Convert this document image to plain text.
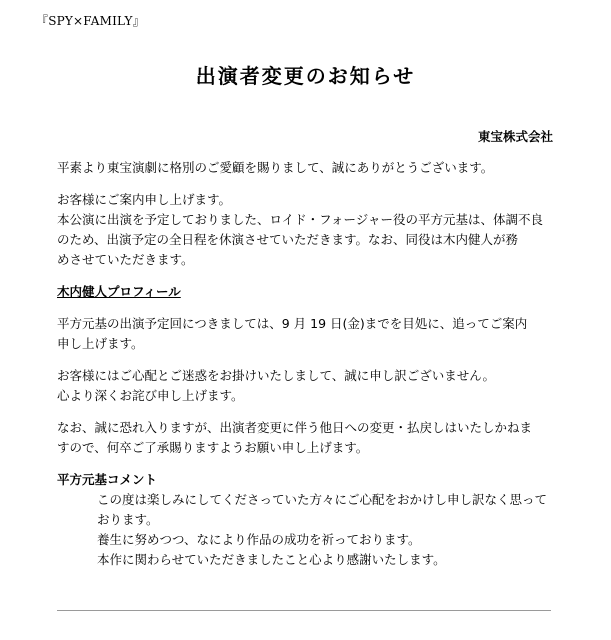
『SPY×FAMILY』
出演者変更のお知らせ
東宝株式会社

平素より東宝演劇に格別のご愛顧を賜りまして、誠にありがとうございます。

お客様にご案内申し上げます。
本公演に出演を予定しておりました、ロイド・フォージャー役の平方元基は、体調不良
のため、出演予定の全日程を休演させていただきます。なお、同役は木内健人が務
めさせていただきます。

木内健人プロフィール

平方元基の出演予定回につきましては、9 月 19 日(金)までを目処に、追ってご案内
申し上げます。

お客様にはご心配とご迷惑をお掛けいたしまして、誠に申し訳ございません。
心より深くお詫び申し上げます。

なお、誠に恐れ入りますが、出演者変更に伴う他日への変更・払戻しはいたしかねま
すので、何卒ご了承賜りますようお願い申し上げます。

平方元基コメント
この度は楽しみにしてくださっていた方々にご心配をおかけし申し訳なく思って
おります。
養生に努めつつ、なにより作品の成功を祈っております。
本作に関わらせていただきましたこと心より感謝いたします。
